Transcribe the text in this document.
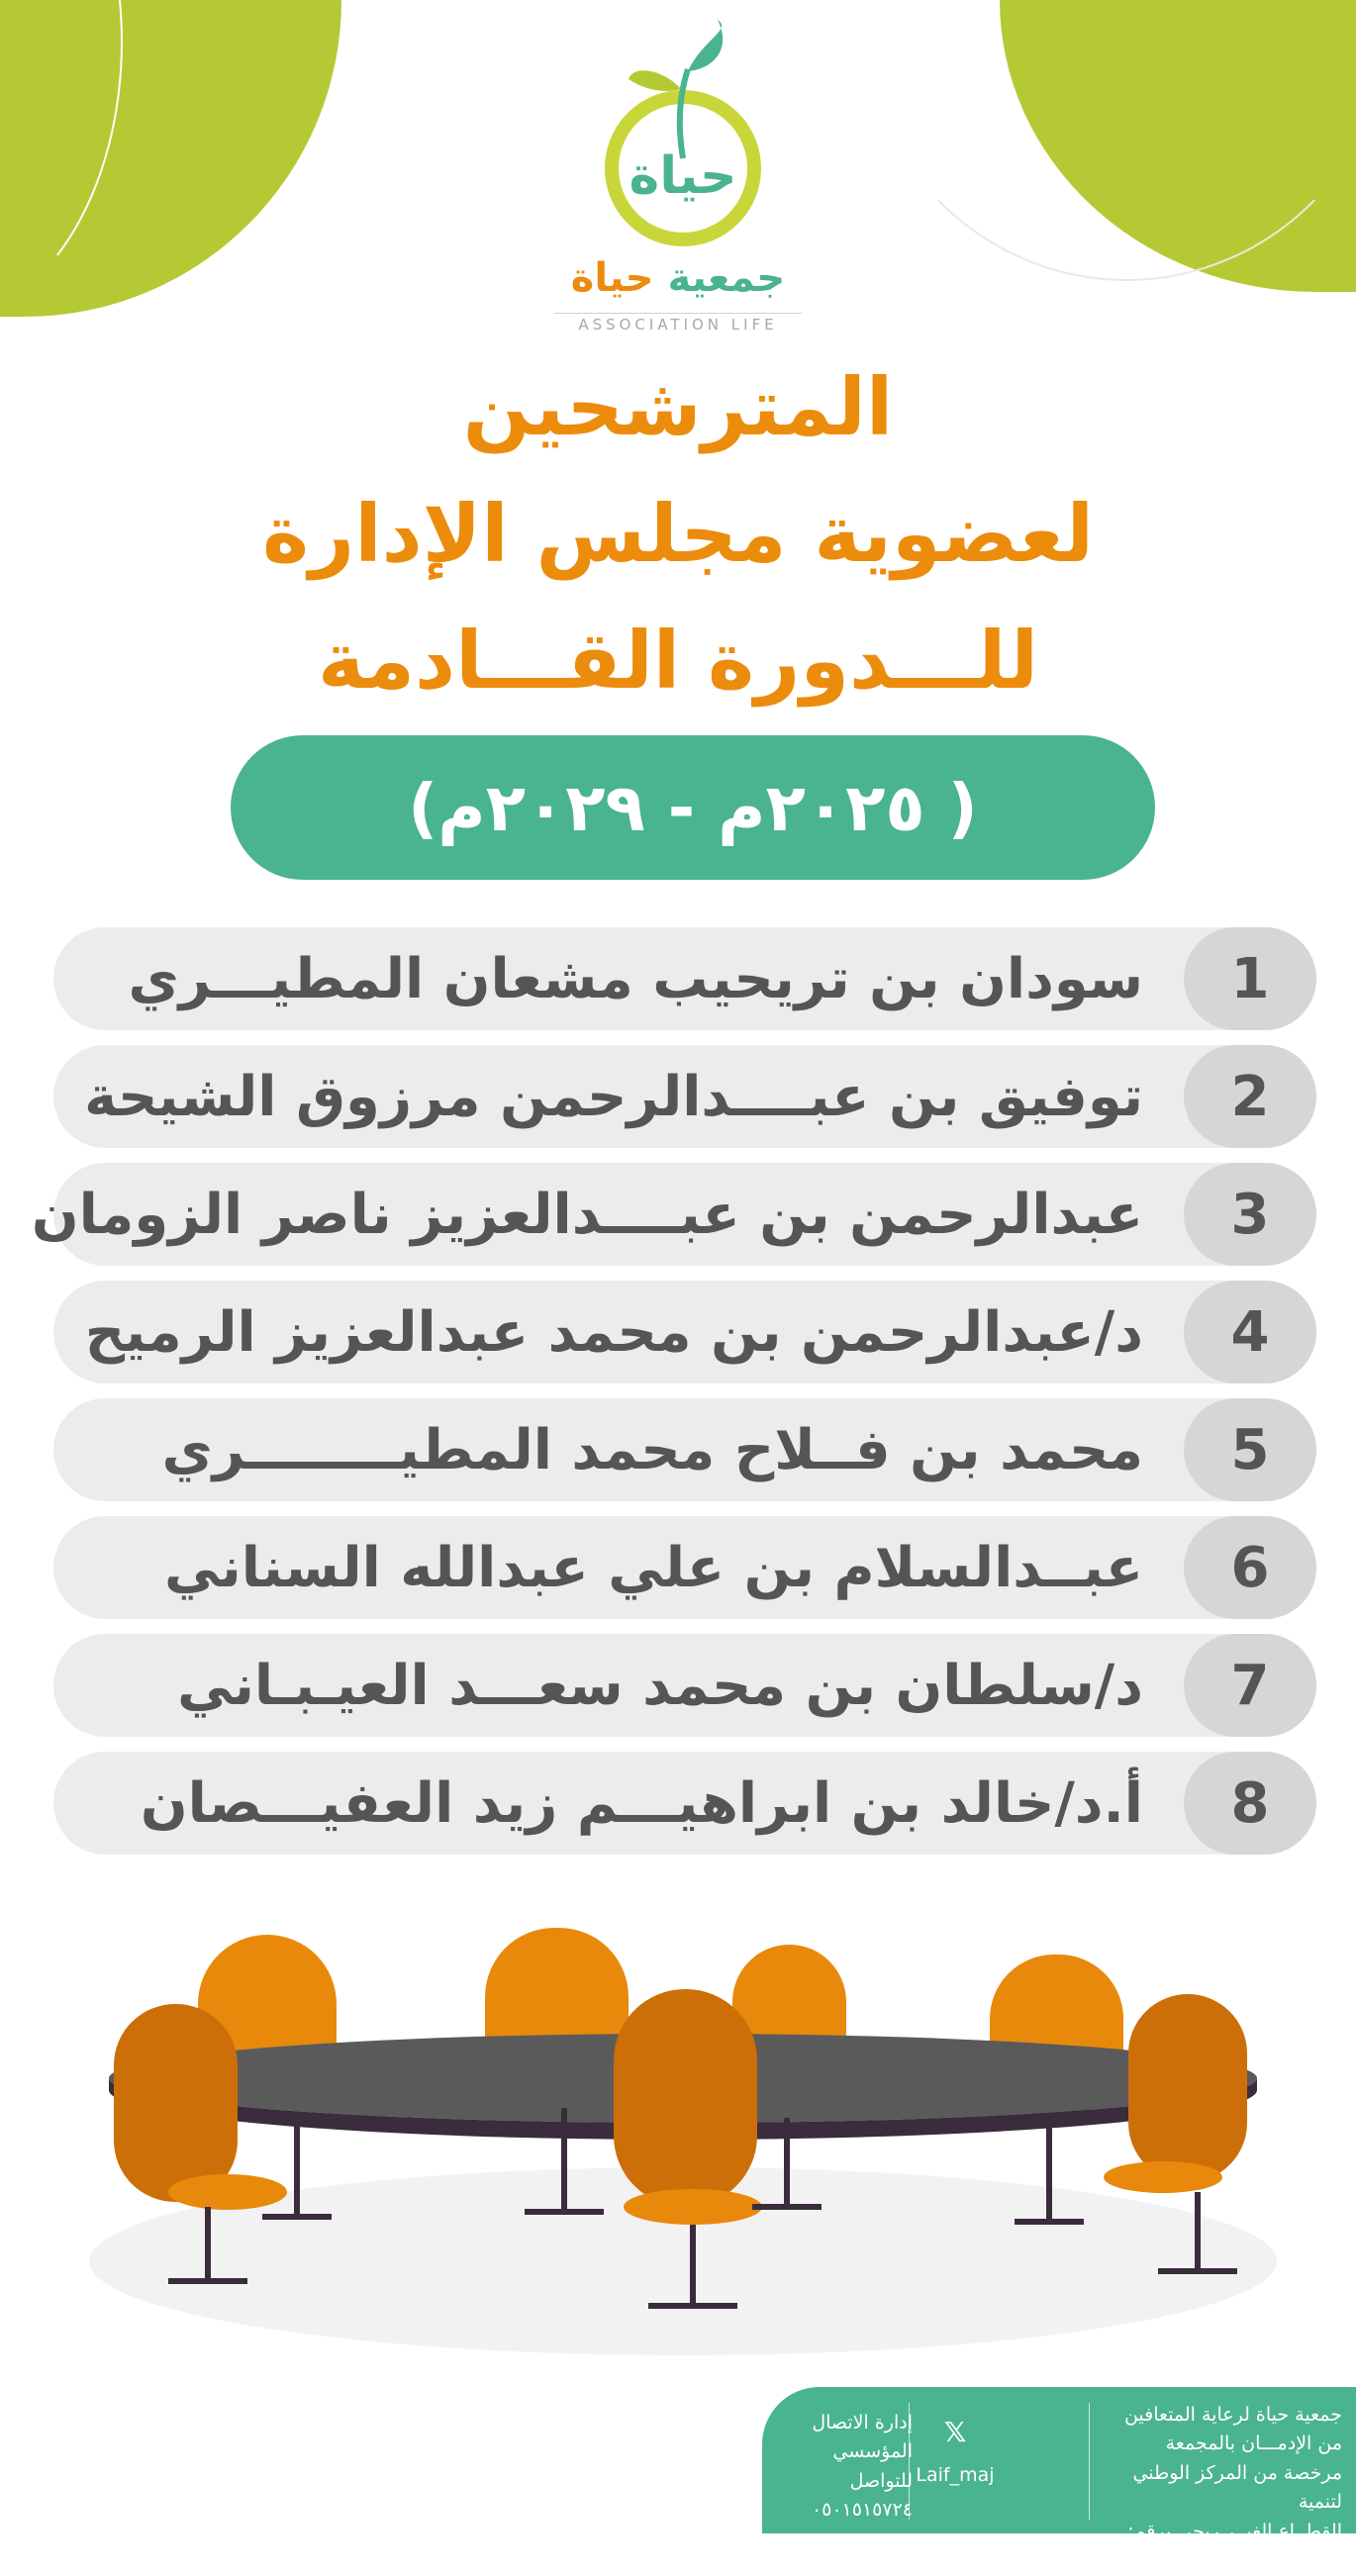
حياة
جمعية حياة
ASSOCIATION LIFE
المترشحين
لعضوية مجلس الإدارة
للـــدورة القـــادمة
( ٢٠٢٥م - ٢٠٢٩م)
1
سودان بن تريحيب مشعان المطيـــري
2
توفيق بن عبــــدالرحمن مرزوق الشيحة
3
عبدالرحمن بن عبــــدالعزيز ناصر الزومان
4
د/عبدالرحمن بن محمد عبدالعزيز الرميح
5
محمد بن فــلاح محمد المطيــــــــري
6
عبــدالسلام بن علي عبدالله السناني
7
د/سلطان بن محمد سعـــد العيـبـاني
8
أ.د/خالد بن ابراهيـــم زيد العفيـــصان
جمعية حياة لرعاية المتعافين
من الإدمـــان بالمجمعة
مرخصة من المركز الوطني لتنمية
القطــاع الغيــر ربحي برقم:(١٠١٧)
𝕏
Laif_maj
إدارة الاتصال المؤسسي
للتواصل
٠٥٠١٥١٥٧٢٤
